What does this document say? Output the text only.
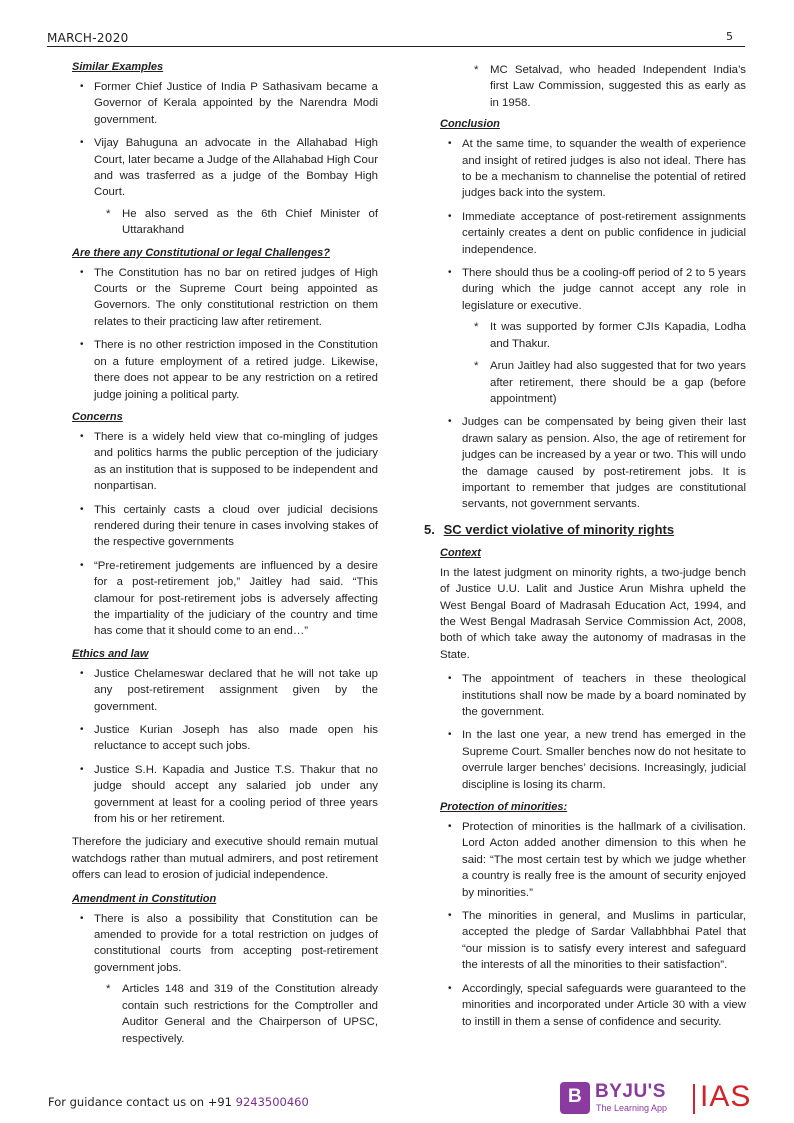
MARCH-2020	5
Similar Examples
• Former Chief Justice of India P Sathasivam became a Governor of Kerala appointed by the Narendra Modi government.
• Vijay Bahuguna an advocate in the Allahabad High Court, later became a Judge of the Allahabad High Cour and was trasferred as a judge of the Bombay High Court.
* He also served as the 6th Chief Minister of Uttarakhand
Are there any Constitutional or legal Challenges?
• The Constitution has no bar on retired judges of High Courts or the Supreme Court being appointed as Governors. The only constitutional restriction on them relates to their practicing law after retirement.
• There is no other restriction imposed in the Constitution on a future employment of a retired judge. Likewise, there does not appear to be any restriction on a retired judge joining a political party.
Concerns
• There is a widely held view that co-mingling of judges and politics harms the public perception of the judiciary as an institution that is supposed to be independent and nonpartisan.
• This certainly casts a cloud over judicial decisions rendered during their tenure in cases involving stakes of the respective governments
• “Pre-retirement judgements are influenced by a desire for a post-retirement job,” Jaitley had said. “This clamour for post-retirement jobs is adversely affecting the impartiality of the judiciary of the country and time has come that it should come to an end…”
Ethics and law
• Justice Chelameswar declared that he will not take up any post-retirement assignment given by the government.
• Justice Kurian Joseph has also made open his reluctance to accept such jobs.
• Justice S.H. Kapadia and Justice T.S. Thakur that no judge should accept any salaried job under any government at least for a cooling period of three years from his or her retirement.

Therefore the judiciary and executive should remain mutual watchdogs rather than mutual admirers, and post retirement offers can lead to erosion of judicial independence.

Amendment in Constitution
• There is also a possibility that Constitution can be amended to provide for a total restriction on judges of constitutional courts from accepting post-retirement government jobs.
* Articles 148 and 319 of the Constitution already contain such restrictions for the Comptroller and Auditor General and the Chairperson of UPSC, respectively.
* MC Setalvad, who headed Independent India’s first Law Commission, suggested this as early as in 1958.
Conclusion
• At the same time, to squander the wealth of experience and insight of retired judges is also not ideal. There has to be a mechanism to channelise the potential of retired judges back into the system.
• Immediate acceptance of post-retirement assignments certainly creates a dent on public confidence in judicial independence.
• There should thus be a cooling-off period of 2 to 5 years during which the judge cannot accept any role in legislature or executive.
* It was supported by former CJIs Kapadia, Lodha and Thakur.
* Arun Jaitley had also suggested that for two years after retirement, there should be a gap (before appointment)
• Judges can be compensated by being given their last drawn salary as pension. Also, the age of retirement for judges can be increased by a year or two. This will undo the damage caused by post-retirement jobs. It is important to remember that judges are constitutional servants, not government servants.
5. SC verdict violative of minority rights
Context

In the latest judgment on minority rights, a two-judge bench of Justice U.U. Lalit and Justice Arun Mishra upheld the West Bengal Board of Madrasah Education Act, 1994, and the West Bengal Madrasah Service Commission Act, 2008, both of which take away the autonomy of madrasas in the State.

• The appointment of teachers in these theological institutions shall now be made by a board nominated by the government.
• In the last one year, a new trend has emerged in the Supreme Court. Smaller benches now do not hesitate to overrule larger benches’ decisions. Increasingly, judicial discipline is losing its charm.
Protection of minorities:
• Protection of minorities is the hallmark of a civilisation. Lord Acton added another dimension to this when he said: “The most certain test by which we judge whether a country is really free is the amount of security enjoyed by minorities.”
• The minorities in general, and Muslims in particular, accepted the pledge of Sardar Vallabhbhai Patel that “our mission is to satisfy every interest and safeguard the interests of all the minorities to their satisfaction”.
• Accordingly, special safeguards were guaranteed to the minorities and incorporated under Article 30 with a view to instill in them a sense of confidence and security.
For guidance contact us on +91 9243500460	B BYJU'S
The Learning App IAS
